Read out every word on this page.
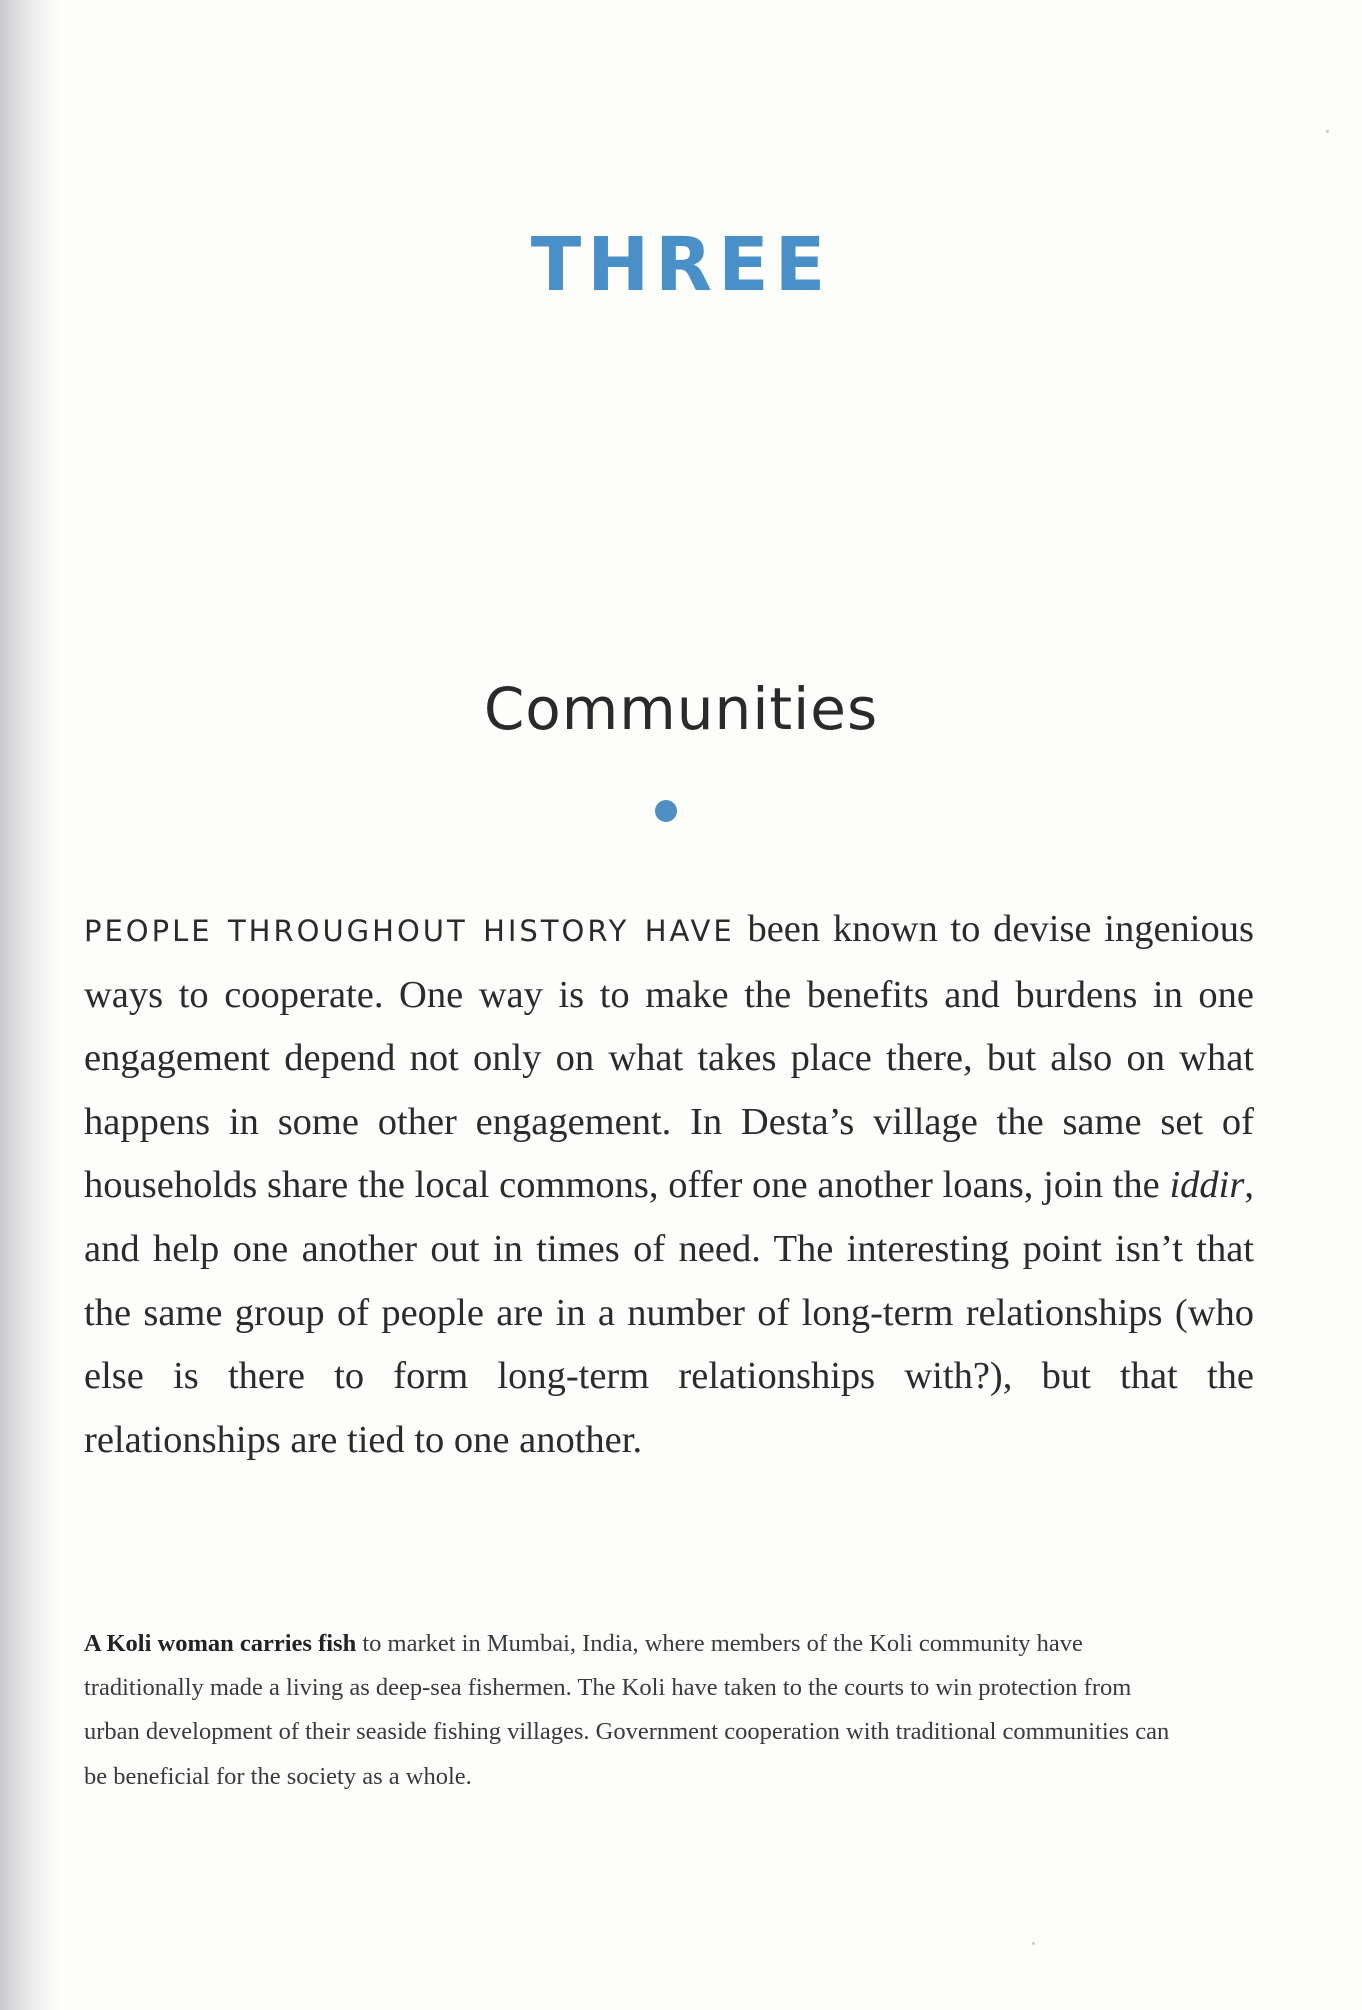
THREE
Communities

PEOPLE THROUGHOUT HISTORY HAVE been known to devise ingenious ways to cooperate. One way is to make the benefits and burdens in one engagement depend not only on what takes place there, but also on what happens in some other engagement. In Desta’s village the same set of households share the local commons, offer one another loans, join the iddir, and help one another out in times of need. The interesting point isn’t that the same group of people are in a number of long-term relationships (who else is there to form long-term relationships with?), but that the relationships are tied to one another.

A Koli woman carries fish to market in Mumbai, India, where members of the Koli community have traditionally made a living as deep-sea fishermen. The Koli have taken to the courts to win protection from urban development of their seaside fishing villages. Government cooperation with traditional communities can be beneficial for the society as a whole.
